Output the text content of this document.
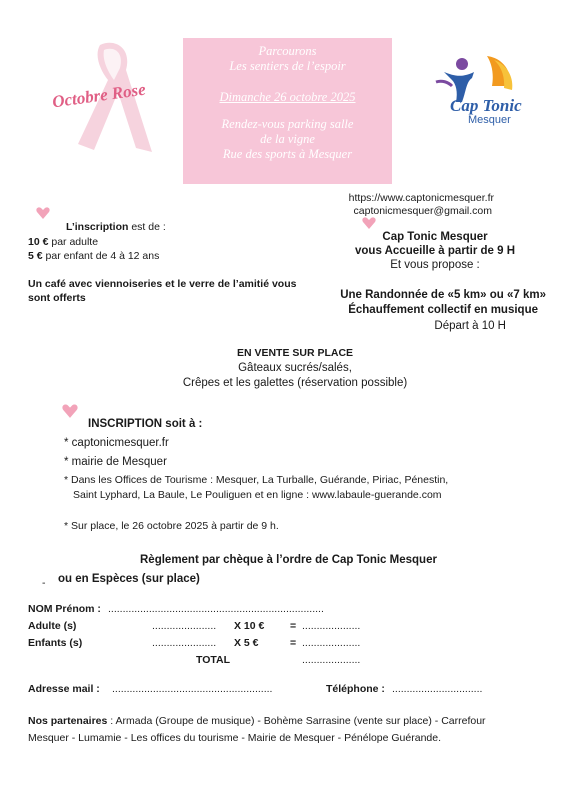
Octobre Rose
Parcourons
Les sentiers de l’espoir
Dimanche 26 octobre 2025
Rendez-vous parking salle
de la vigne
Rue des sports à Mesquer
Cap Tonic
Mesquer
https://www.captonicmesquer.fr
captonicmesquer@gmail.com
L’inscription est de :
10 € par adulte
5 € par enfant de 4 à 12 ans
Un café avec viennoiseries et le verre de l’amitié vous
sont offerts
Cap Tonic Mesquer
vous Accueille à partir de 9 H
Et vous propose :
Une Randonnée de «5 km» ou «7 km»
Échauffement collectif en musique
Départ à 10 H
EN VENTE SUR PLACE
Gâteaux sucrés/salés,
Crêpes et les galettes (réservation possible)
INSCRIPTION soit à :
* captonicmesquer.fr
* mairie de Mesquer
* Dans les Offices de Tourisme : Mesquer, La Turballe, Guérande, Piriac, Pénestin,
Saint Lyphard, La Baule, Le Pouliguen et en ligne : www.labaule-guerande.com
* Sur place, le 26 octobre 2025 à partir de 9 h.
Règlement par chèque à l’ordre de Cap Tonic Mesquer
- ou en Espèces (sur place)
NOM Prénom : ..........................................................................
Adulte (s)	...................... X 10 € = ....................
Enfants (s)	...................... X 5 €	= ....................
TOTAL	....................
Adresse mail : .......................................................	Téléphone : ...............................
Nos partenaires : Armada (Groupe de musique) - Bohème Sarrasine (vente sur place) - Carrefour
Mesquer - Lumamie - Les offices du tourisme - Mairie de Mesquer - Pénélope Guérande.
